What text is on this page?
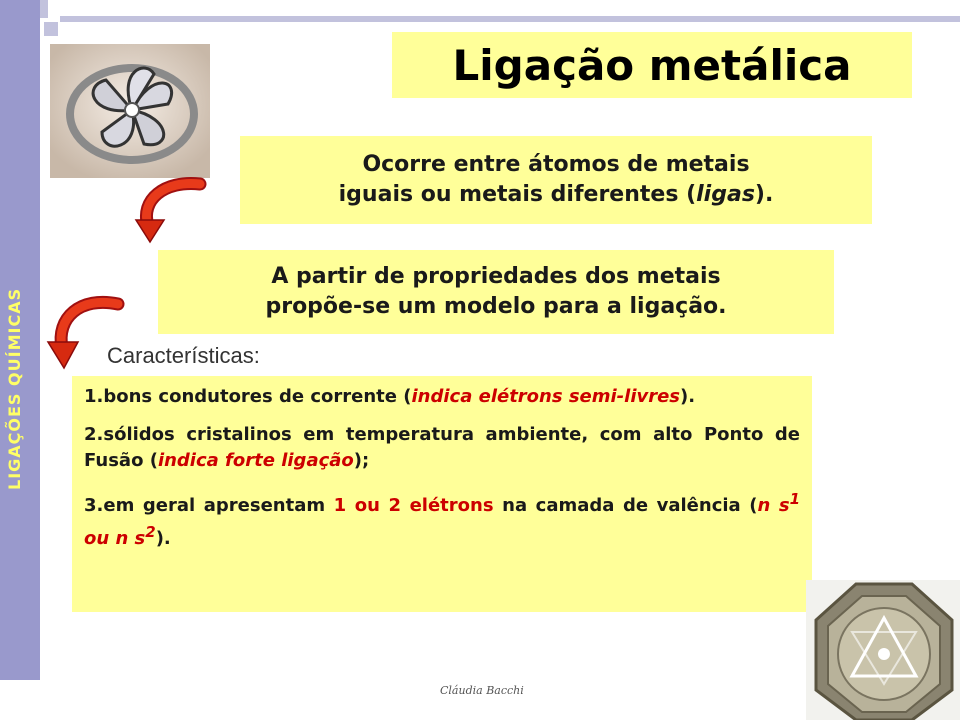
LIGAÇÕES QUÍMICAS
Ligação metálica
Ocorre entre átomos de metais
iguais ou metais diferentes (ligas).
A partir de propriedades dos metais
propõe-se um modelo para a ligação.
Características:

1.bons condutores de corrente (indica elétrons semi-livres).

2.sólidos cristalinos em temperatura ambiente, com alto Ponto de Fusão (indica forte ligação);

3.em geral apresentam 1 ou 2 elétrons na camada de valência (n $s^1$ ou n $s^2$).

Cláudia Bacchi
